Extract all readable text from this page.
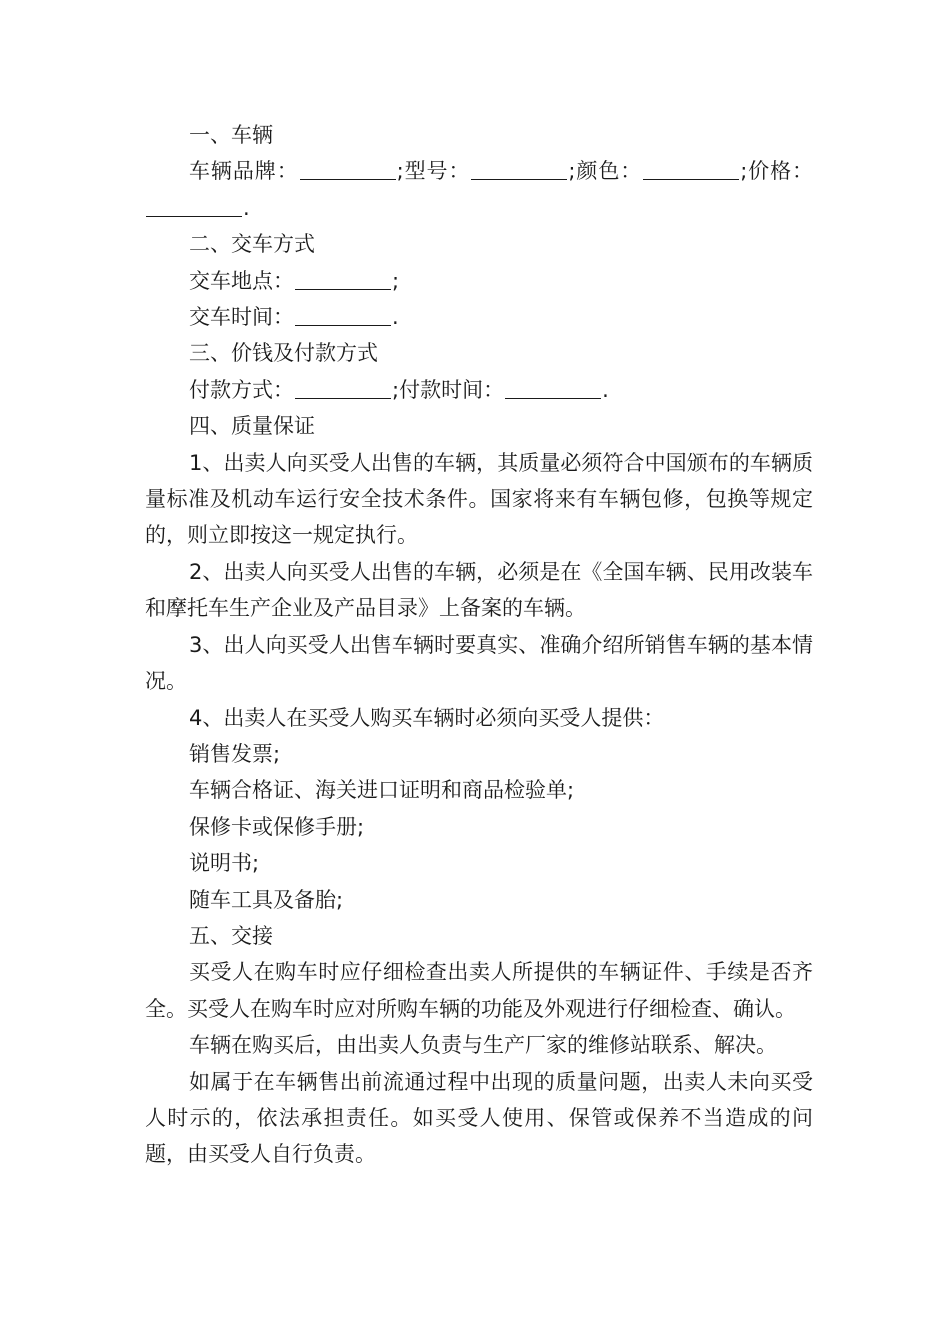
一、车辆

车辆品牌：	;型号：	;颜色：	;价格：.

二、交车方式

交车地点：	;

交车时间：	.

三、价钱及付款方式

付款方式：	;付款时间：	.

四、质量保证

1、出卖人向买受人出售的车辆，其质量必须符合中国颁布的车辆质量标准及机动车运行安全技术条件。国家将来有车辆包修，包换等规定的，则立即按这一规定执行。

2、出卖人向买受人出售的车辆，必须是在《全国车辆、民用改装车和摩托车生产企业及产品目录》上备案的车辆。

3、出人向买受人出售车辆时要真实、准确介绍所销售车辆的基本情况。

4、出卖人在买受人购买车辆时必须向买受人提供：

销售发票;

车辆合格证、海关进口证明和商品检验单;

保修卡或保修手册;

说明书;

随车工具及备胎;

五、交接

买受人在购车时应仔细检查出卖人所提供的车辆证件、手续是否齐全。买受人在购车时应对所购车辆的功能及外观进行仔细检查、确认。

车辆在购买后，由出卖人负责与生产厂家的维修站联系、解决。

如属于在车辆售出前流通过程中出现的质量问题，出卖人未向买受人时示的，依法承担责任。如买受人使用、保管或保养不当造成的问题，由买受人自行负责。
